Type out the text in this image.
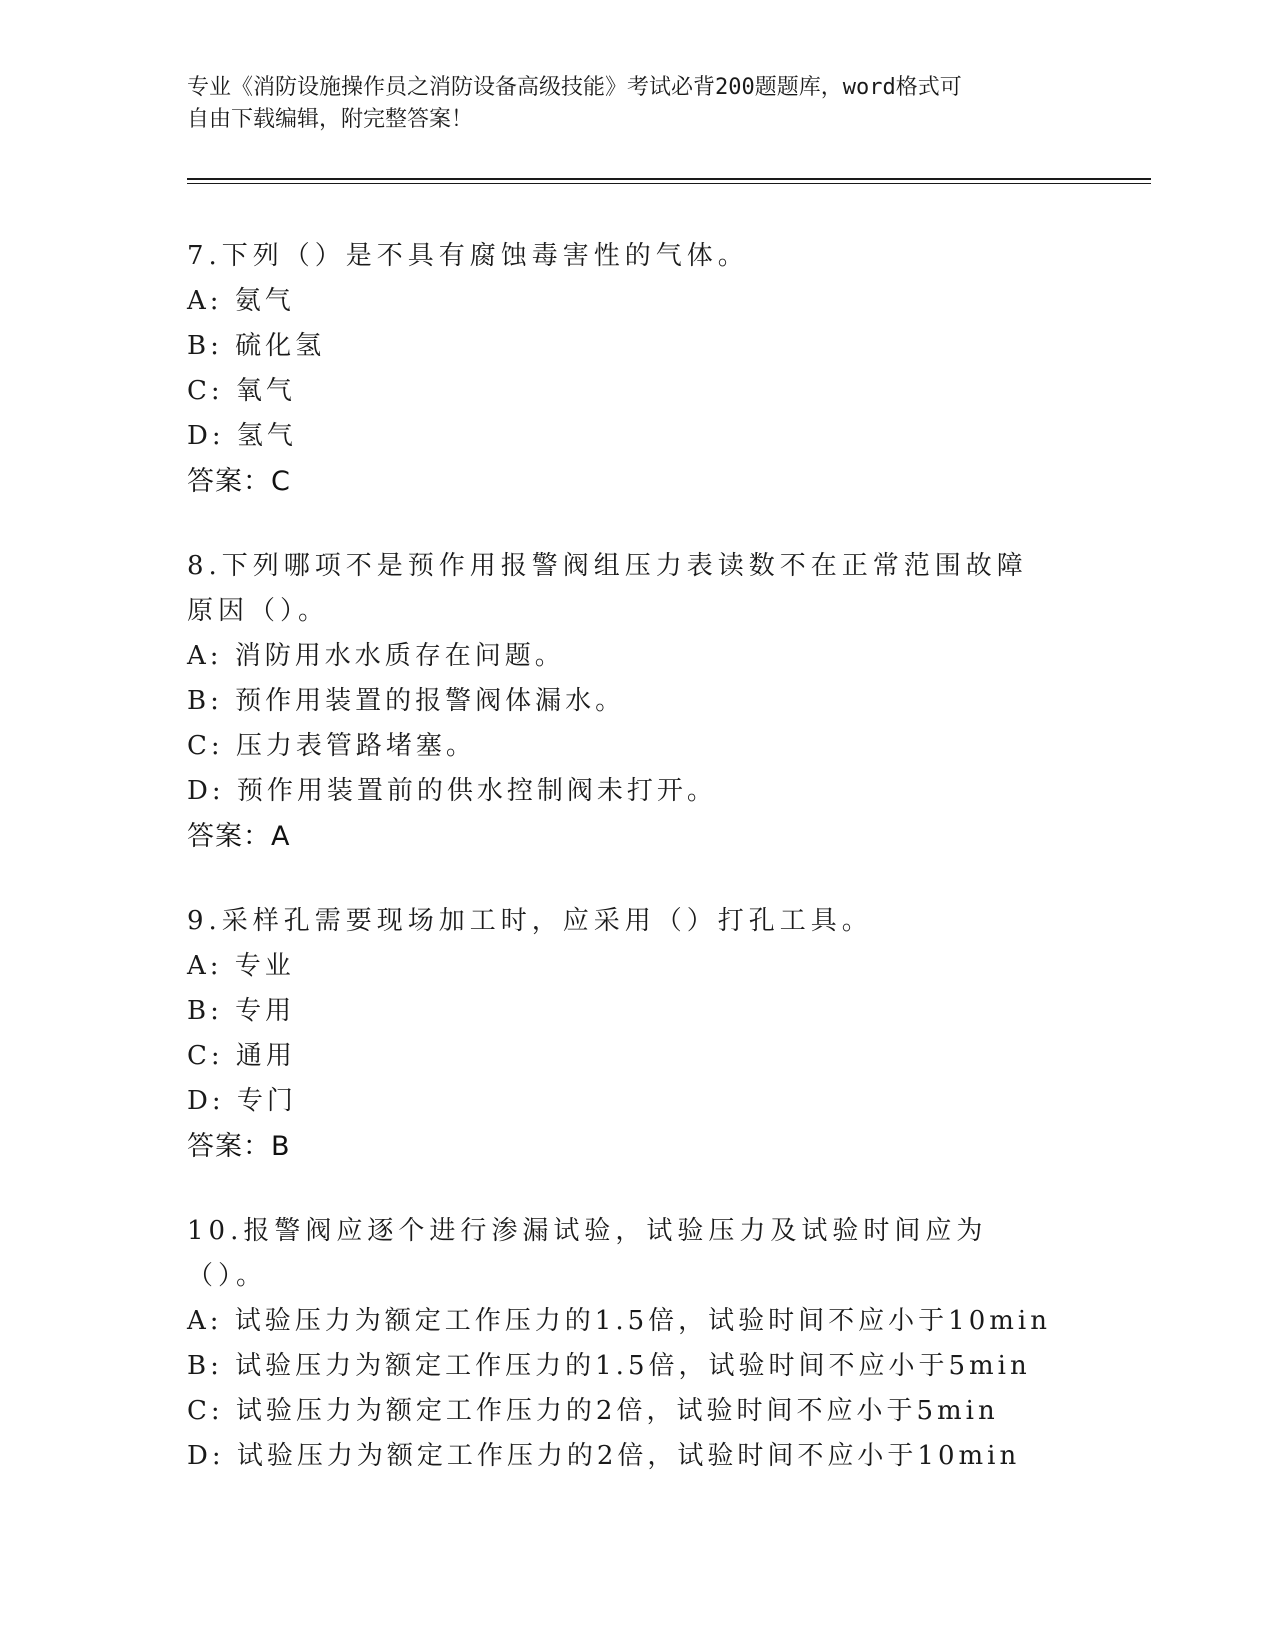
专业《消防设施操作员之消防设备高级技能》考试必背200题题库，word格式可
自由下载编辑，附完整答案！
7.下列（）是不具有腐蚀毒害性的气体。
A: 氨气
B: 硫化氢
C: 氧气
D: 氢气
答案：C
8.下列哪项不是预作用报警阀组压力表读数不在正常范围故障原因（）。
A: 消防用水水质存在问题。
B: 预作用装置的报警阀体漏水。
C: 压力表管路堵塞。
D: 预作用装置前的供水控制阀未打开。
答案：A
9.采样孔需要现场加工时，应采用（）打孔工具。
A: 专业
B: 专用
C: 通用
D: 专门
答案：B
10.报警阀应逐个进行渗漏试验，试验压力及试验时间应为（）。
A: 试验压力为额定工作压力的1.5倍，试验时间不应小于10min
B: 试验压力为额定工作压力的1.5倍，试验时间不应小于5min
C: 试验压力为额定工作压力的2倍，试验时间不应小于5min
D: 试验压力为额定工作压力的2倍，试验时间不应小于10min
